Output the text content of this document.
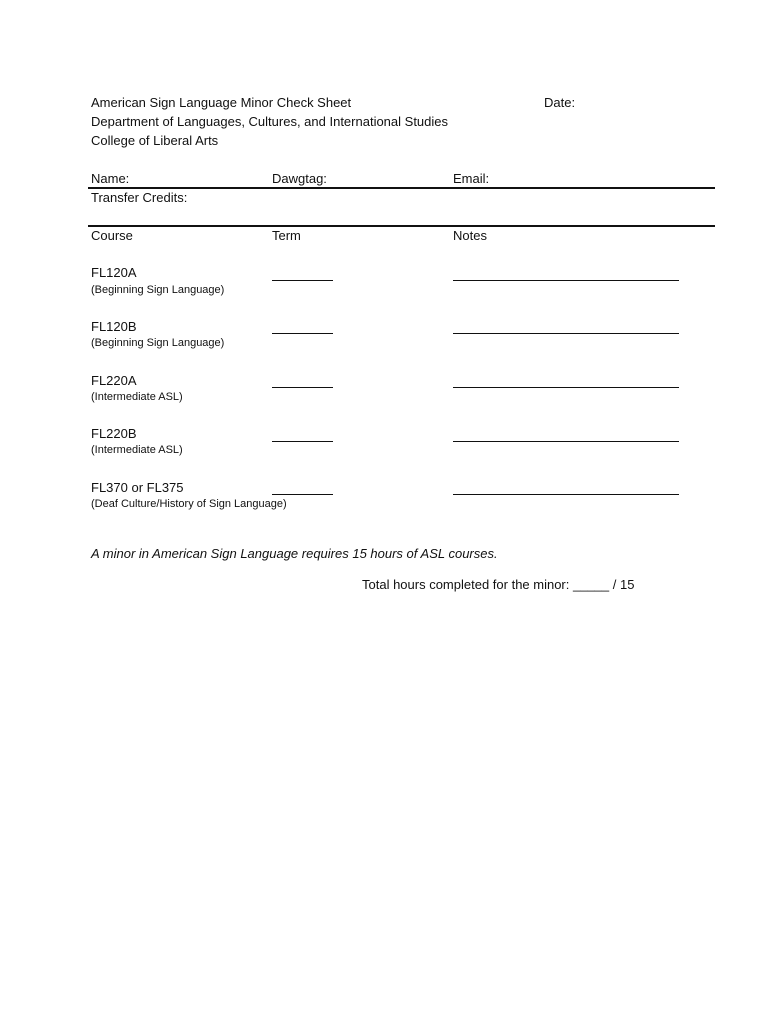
American Sign Language Minor Check Sheet	Date:
Department of Languages, Cultures, and International Studies
College of Liberal Arts
Name:	Dawgtag:	Email:
Transfer Credits:
Course	Term	Notes
FL120A
(Beginning Sign Language)
FL120B
(Beginning Sign Language)
FL220A
(Intermediate ASL)
FL220B
(Intermediate ASL)
FL370 or FL375
(Deaf Culture/History of Sign Language)
A minor in American Sign Language requires 15 hours of ASL courses.
Total hours completed for the minor: _____ / 15
